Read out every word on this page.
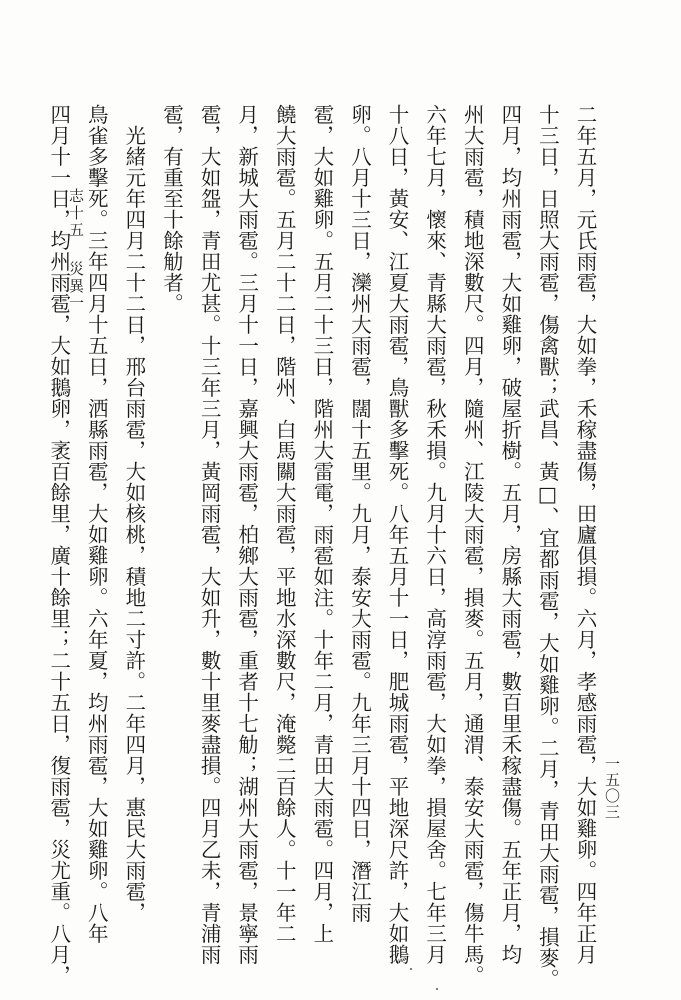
二年五月，元氏雨雹，大如拳，禾稼盡傷，田廬俱損。六月，孝感雨雹，大如雞卵。四年正月
十三日，日照大雨雹，傷禽獸；武昌、黃□、宜都雨雹，大如雞卵。二月，青田大雨雹，損麥。
四月，均州雨雹，大如雞卵，破屋折樹。五月，房縣大雨雹，數百里禾稼盡傷。五年正月，均
州大雨雹，積地深數尺。四月，隨州、江陵大雨雹，損麥。五月，通渭、泰安大雨雹，傷牛馬。
六年七月，懷來、青縣大雨雹，秋禾損。九月十六日，高淳雨雹，大如拳，損屋舍。七年三月
十八日，黃安、江夏大雨雹，鳥獸多擊死。八年五月十一日，肥城雨雹，平地深尺許，大如鵝
卵。八月十三日，灤州大雨雹，闊十五里。九月，泰安大雨雹。九年三月十四日，潛江雨
雹，大如雞卵。五月二十三日，階州大雷電，雨雹如注。十年二月，青田大雨雹。四月，上
饒大雨雹。五月二十二日，階州、白馬關大雨雹，平地水深數尺，淹斃二百餘人。十一年二
月，新城大雨雹。三月十一日，嘉興大雨雹，柏鄉大雨雹，重者十七觔；湖州大雨雹，景寧雨
雹，大如盌，青田尤甚。十三年三月，黃岡雨雹，大如升，數十里麥盡損。四月乙未，青浦雨
雹，有重至十餘觔者。
　光緒元年四月二十二日，邢台雨雹，大如核桃，積地二寸許。二年四月，惠民大雨雹，
鳥雀多擊死。三年四月十五日，洒縣雨雹，大如雞卵。六年夏，均州雨雹，大如雞卵。八年
四月十一日，均州雨雹，大如鵝卵，袤百餘里，廣十餘里；二十五日，復雨雹，災尤重。八月，
志十五災異一
一五〇三
